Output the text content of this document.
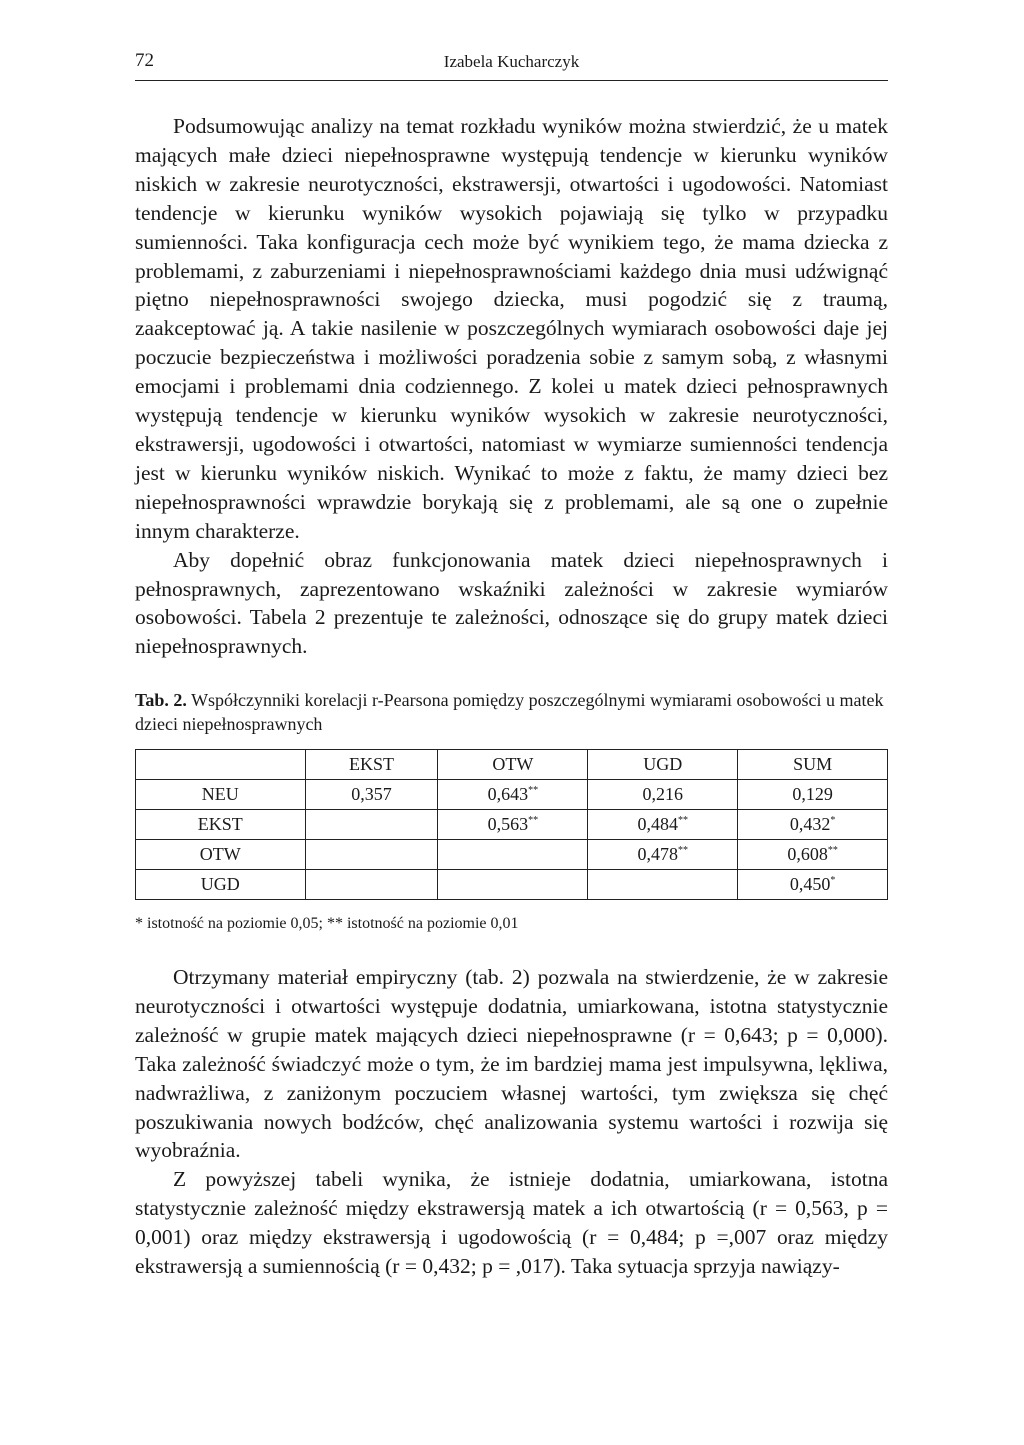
72	Izabela Kucharczyk

Podsumowując analizy na temat rozkładu wyników można stwierdzić, że u matek mających małe dzieci niepełnosprawne występują tendencje w kierunku wyników niskich w zakresie neurotyczności, ekstrawersji, otwartości i ugodowości. Natomiast tendencje w kierunku wyników wysokich pojawiają się tylko w przypadku sumienności. Taka konfiguracja cech może być wynikiem tego, że mama dziecka z problemami, z zaburzeniami i niepełnosprawnościami każdego dnia musi udźwignąć piętno niepełnosprawności swojego dziecka, musi pogodzić się z traumą, zaakceptować ją. A takie nasilenie w poszczególnych wymiarach osobowości daje jej poczucie bezpieczeństwa i możliwości poradzenia sobie z samym sobą, z własnymi emocjami i problemami dnia codziennego. Z kolei u matek dzieci pełnosprawnych występują tendencje w kierunku wyników wysokich w zakresie neurotyczności, ekstrawersji, ugodowości i otwartości, natomiast w wymiarze sumienności tendencja jest w kierunku wyników niskich. Wynikać to może z faktu, że mamy dzieci bez niepełnosprawności wprawdzie borykają się z problemami, ale są one o zupełnie innym charakterze.

Aby dopełnić obraz funkcjonowania matek dzieci niepełnosprawnych i pełnosprawnych, zaprezentowano wskaźniki zależności w zakresie wymiarów osobowości. Tabela 2 prezentuje te zależności, odnoszące się do grupy matek dzieci niepełnosprawnych.

Tab. 2. Współczynniki korelacji r-Pearsona pomiędzy poszczególnymi wymiarami osobowości u matek dzieci niepełnosprawnych
	EKST	OTW	UGD	SUM
NEU	0,357	0,643**	0,216	0,129
EKST		0,563**	0,484**	0,432*
OTW			0,478**	0,608**
UGD				0,450*
* istotność na poziomie 0,05; ** istotność na poziomie 0,01

Otrzymany materiał empiryczny (tab. 2) pozwala na stwierdzenie, że w zakresie neurotyczności i otwartości występuje dodatnia, umiarkowana, istotna statystycznie zależność w grupie matek mających dzieci niepełnosprawne (r = 0,643; p = 0,000). Taka zależność świadczyć może o tym, że im bardziej mama jest impulsywna, lękliwa, nadwrażliwa, z zaniżonym poczuciem własnej wartości, tym zwiększa się chęć poszukiwania nowych bodźców, chęć analizowania systemu wartości i rozwija się wyobraźnia.

Z powyższej tabeli wynika, że istnieje dodatnia, umiarkowana, istotna statystycznie zależność między ekstrawersją matek a ich otwartością (r = 0,563, p = 0,001) oraz między ekstrawersją i ugodowością (r = 0,484; p =,007 oraz między ekstrawersją a sumiennością (r = 0,432; p = ,017). Taka sytuacja sprzyja nawiązy-
